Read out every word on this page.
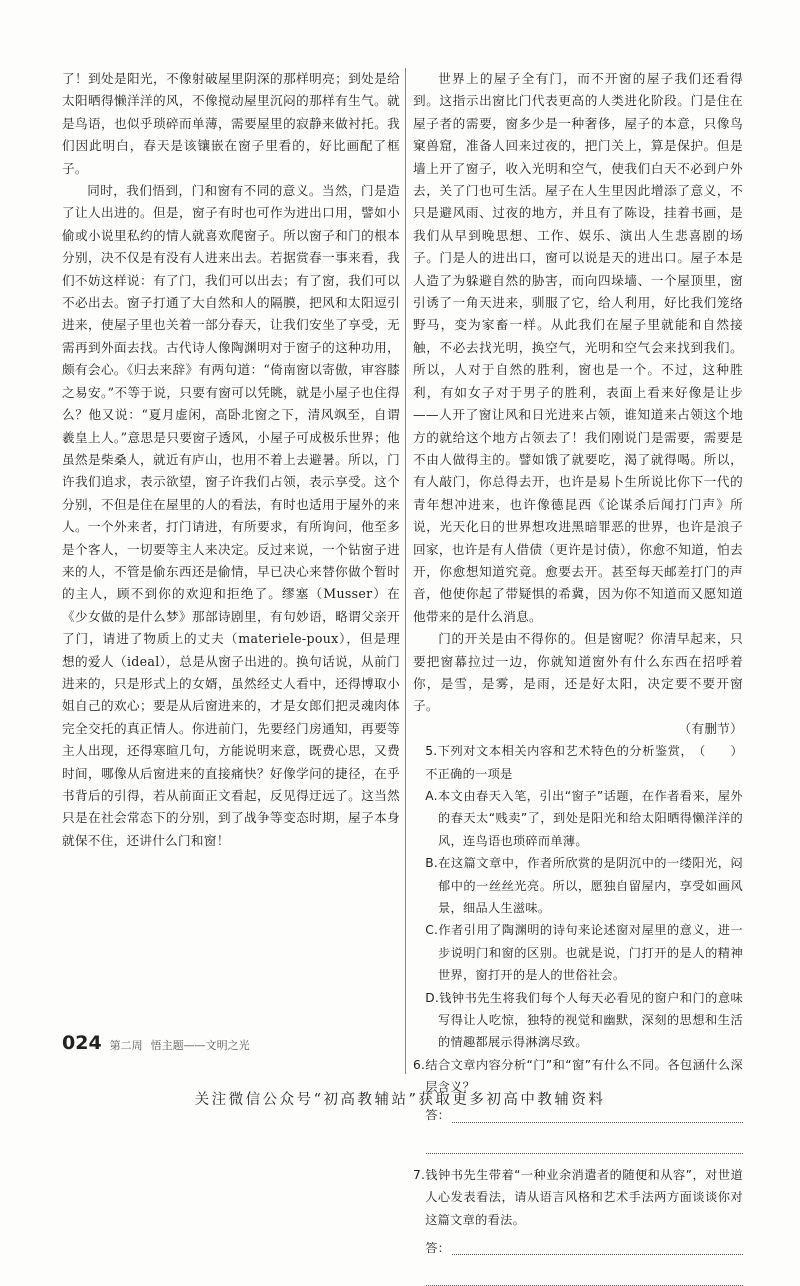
了！到处是阳光，不像射破屋里阴深的那样明亮；到处是给太阳晒得懒洋洋的风，不像搅动屋里沉闷的那样有生气。就是鸟语，也似乎琐碎而单薄，需要屋里的寂静来做衬托。我们因此明白，春天是该镶嵌在窗子里看的，好比画配了框子。

同时，我们悟到，门和窗有不同的意义。当然，门是造了让人出进的。但是，窗子有时也可作为进出口用，譬如小偷或小说里私约的情人就喜欢爬窗子。所以窗子和门的根本分别，决不仅是有没有人进来出去。若据赏春一事来看，我们不妨这样说：有了门，我们可以出去；有了窗，我们可以不必出去。窗子打通了大自然和人的隔膜，把风和太阳逗引进来，使屋子里也关着一部分春天，让我们安坐了享受，无需再到外面去找。古代诗人像陶渊明对于窗子的这种功用，颇有会心。《归去来辞》有两句道：“倚南窗以寄傲，审容膝之易安。”不等于说，只要有窗可以凭眺，就是小屋子也住得么？他又说：“夏月虚闲，高卧北窗之下，清风飒至，自谓羲皇上人。”意思是只要窗子透风，小屋子可成极乐世界；他虽然是柴桑人，就近有庐山，也用不着上去避暑。所以，门许我们追求，表示欲望，窗子许我们占领，表示享受。这个分别，不但是住在屋里的人的看法，有时也适用于屋外的来人。一个外来者，打门请进，有所要求，有所询问，他至多是个客人，一切要等主人来决定。反过来说，一个钻窗子进来的人，不管是偷东西还是偷情，早已决心来替你做个暂时的主人，顾不到你的欢迎和拒绝了。缪塞（Musser）在《少女做的是什么梦》那部诗剧里，有句妙语，略谓父亲开了门，请进了物质上的丈夫（materiele-poux），但是理想的爱人（ideal），总是从窗子出进的。换句话说，从前门进来的，只是形式上的女婿，虽然经丈人看中，还得博取小姐自己的欢心；要是从后窗进来的，才是女郎们把灵魂肉体完全交托的真正情人。你进前门，先要经门房通知，再要等主人出现，还得寒暄几句，方能说明来意，既费心思，又费时间，哪像从后窗进来的直接痛快？好像学问的捷径，在乎书背后的引得，若从前面正文看起，反见得迂远了。这当然只是在社会常态下的分别，到了战争等变态时期，屋子本身就保不住，还讲什么门和窗！

世界上的屋子全有门，而不开窗的屋子我们还看得到。这指示出窗比门代表更高的人类进化阶段。门是住在屋子者的需要，窗多少是一种奢侈，屋子的本意，只像鸟窠兽窟，准备人回来过夜的，把门关上，算是保护。但是墙上开了窗子，收入光明和空气，使我们白天不必到户外去，关了门也可生活。屋子在人生里因此增添了意义，不只是避风雨、过夜的地方，并且有了陈设，挂着书画，是我们从早到晚思想、工作、娱乐、演出人生悲喜剧的场子。门是人的进出口，窗可以说是天的进出口。屋子本是人造了为躲避自然的胁害，而向四垛墙、一个屋顶里，窗引诱了一角天进来，驯服了它，给人利用，好比我们笼络野马，变为家畜一样。从此我们在屋子里就能和自然接触，不必去找光明，换空气，光明和空气会来找到我们。所以，人对于自然的胜利，窗也是一个。不过，这种胜利，有如女子对于男子的胜利，表面上看来好像是让步——人开了窗让风和日光进来占领，谁知道来占领这个地方的就给这个地方占领去了！我们刚说门是需要，需要是不由人做得主的。譬如饿了就要吃，渴了就得喝。所以，有人敲门，你总得去开，也许是易卜生所说比你下一代的青年想冲进来，也许像德昆西《论谋杀后闻打门声》所说，光天化日的世界想攻进黑暗罪恶的世界，也许是浪子回家，也许是有人借债（更许是讨债），你愈不知道，怕去开，你愈想知道究竟。愈要去开。甚至每天邮差打门的声音，他使你起了带疑惧的希冀，因为你不知道而又愿知道他带来的是什么消息。

门的开关是由不得你的。但是窗呢？你清早起来，只要把窗幕拉过一边，你就知道窗外有什么东西在招呼着你，是雪，是雾，是雨，还是好太阳，决定要不要开窗子。

（有删节）

5.下列对文本相关内容和艺术特色的分析鉴赏，不正确的一项是
（　　）
A.本文由春天入笔，引出“窗子”话题，在作者看来，屋外的春天太“贱卖”了，到处是阳光和给太阳晒得懒洋洋的风，连鸟语也琐碎而单薄。
B.在这篇文章中，作者所欣赏的是阴沉中的一缕阳光，闷郁中的一丝丝光亮。所以，愿独自留屋内，享受如画风景，细品人生滋味。
C.作者引用了陶渊明的诗句来论述窗对屋里的意义，进一步说明门和窗的区别。也就是说，门打开的是人的精神世界，窗打开的是人的世俗社会。
D.钱钟书先生将我们每个人每天必看见的窗户和门的意味写得让人吃惊，独特的视觉和幽默，深刻的思想和生活的情趣都展示得淋漓尽致。
6.结合文章内容分析“门”和“窗”有什么不同。各包涵什么深层含义？
答：
7.钱钟书先生带着“一种业余消遣者的随便和从容”，对世道人心发表看法，请从语言风格和艺术手法两方面谈谈你对这篇文章的看法。
答：
024 第二周 悟主题——文明之光
关注微信公众号“初高教辅站”获取更多初高中教辅资料
